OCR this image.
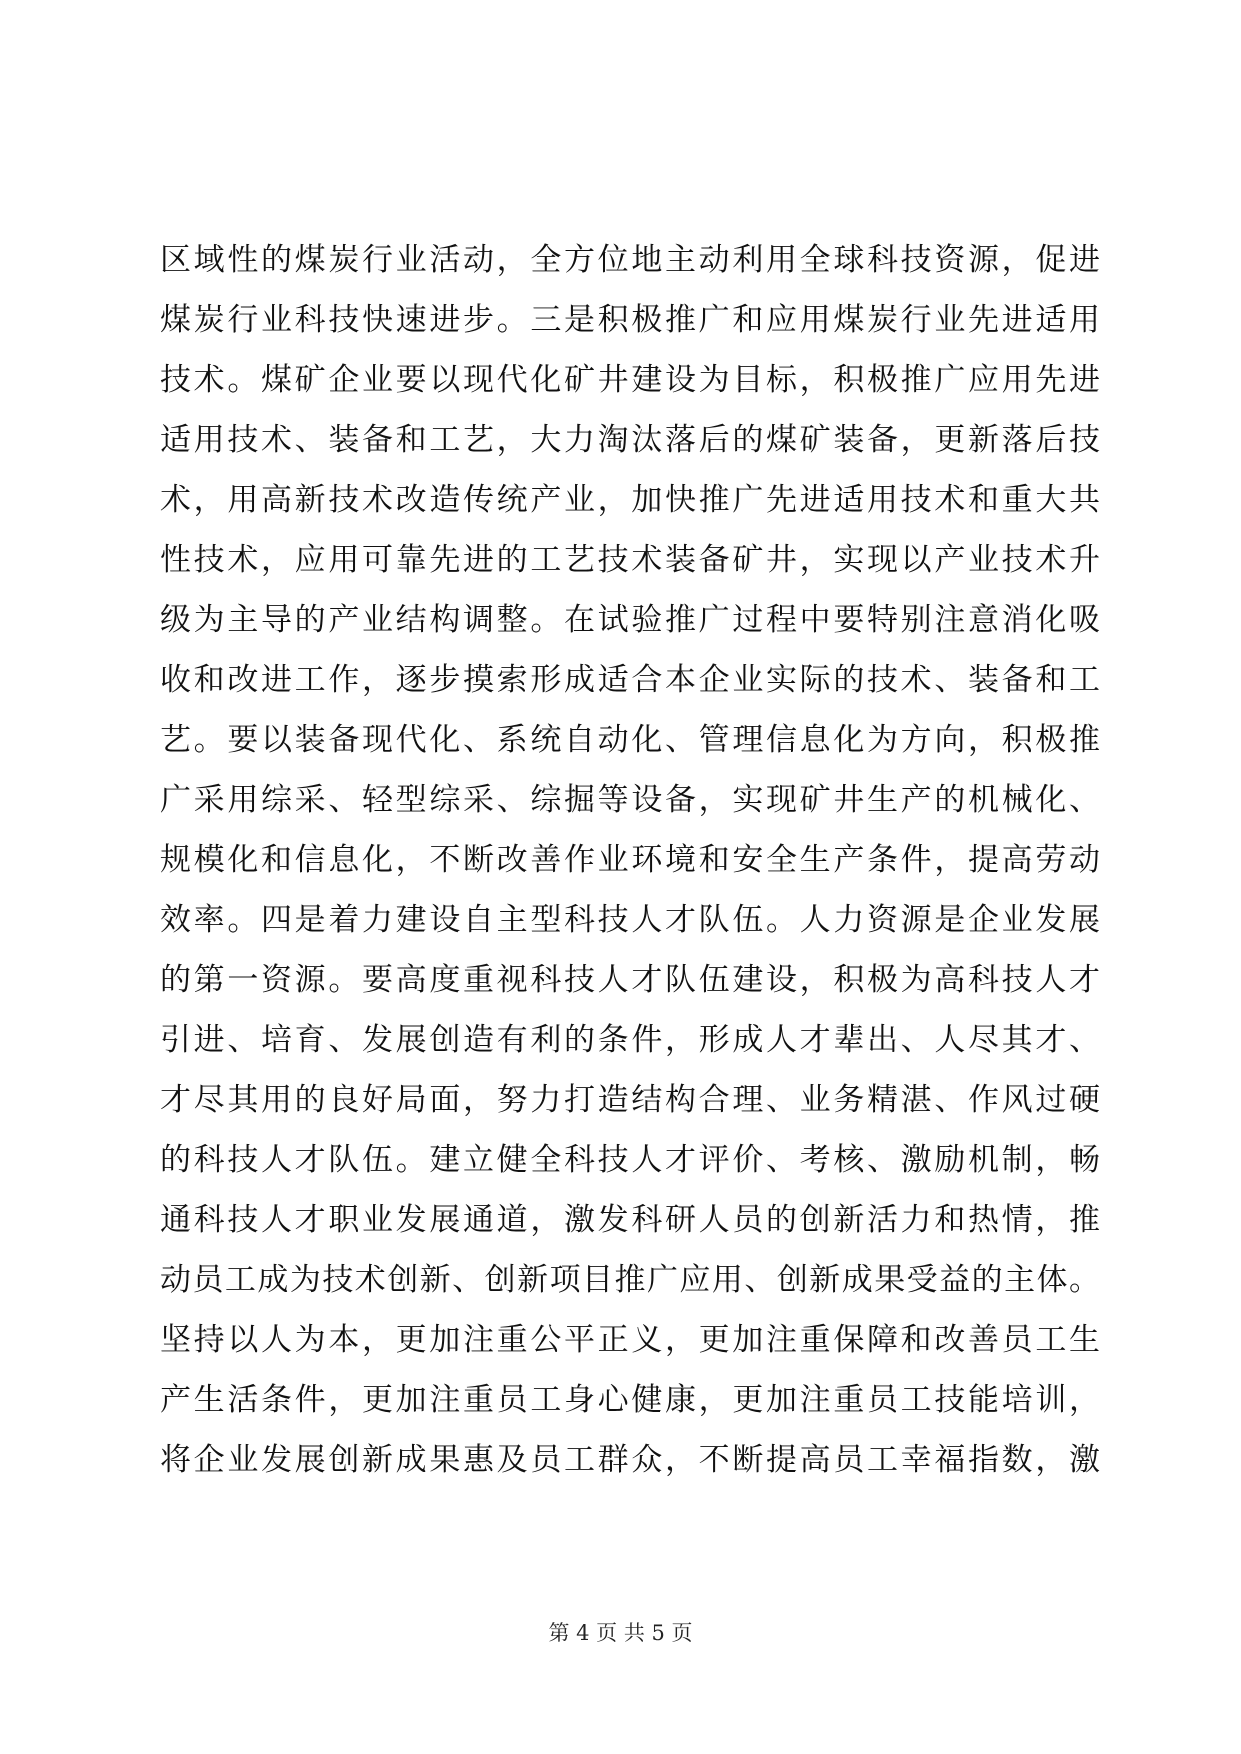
区域性的煤炭行业活动，全方位地主动利用全球科技资源，促进
煤炭行业科技快速进步。三是积极推广和应用煤炭行业先进适用
技术。煤矿企业要以现代化矿井建设为目标，积极推广应用先进
适用技术、装备和工艺，大力淘汰落后的煤矿装备，更新落后技
术，用高新技术改造传统产业，加快推广先进适用技术和重大共
性技术，应用可靠先进的工艺技术装备矿井，实现以产业技术升
级为主导的产业结构调整。在试验推广过程中要特别注意消化吸
收和改进工作，逐步摸索形成适合本企业实际的技术、装备和工
艺。要以装备现代化、系统自动化、管理信息化为方向，积极推
广采用综采、轻型综采、综掘等设备，实现矿井生产的机械化、
规模化和信息化，不断改善作业环境和安全生产条件，提高劳动
效率。四是着力建设自主型科技人才队伍。人力资源是企业发展
的第一资源。要高度重视科技人才队伍建设，积极为高科技人才
引进、培育、发展创造有利的条件，形成人才辈出、人尽其才、
才尽其用的良好局面，努力打造结构合理、业务精湛、作风过硬
的科技人才队伍。建立健全科技人才评价、考核、激励机制，畅
通科技人才职业发展通道，激发科研人员的创新活力和热情，推
动员工成为技术创新、创新项目推广应用、创新成果受益的主体。
坚持以人为本，更加注重公平正义，更加注重保障和改善员工生
产生活条件，更加注重员工身心健康，更加注重员工技能培训，
将企业发展创新成果惠及员工群众，不断提高员工幸福指数，激
第 4 页 共 5 页
